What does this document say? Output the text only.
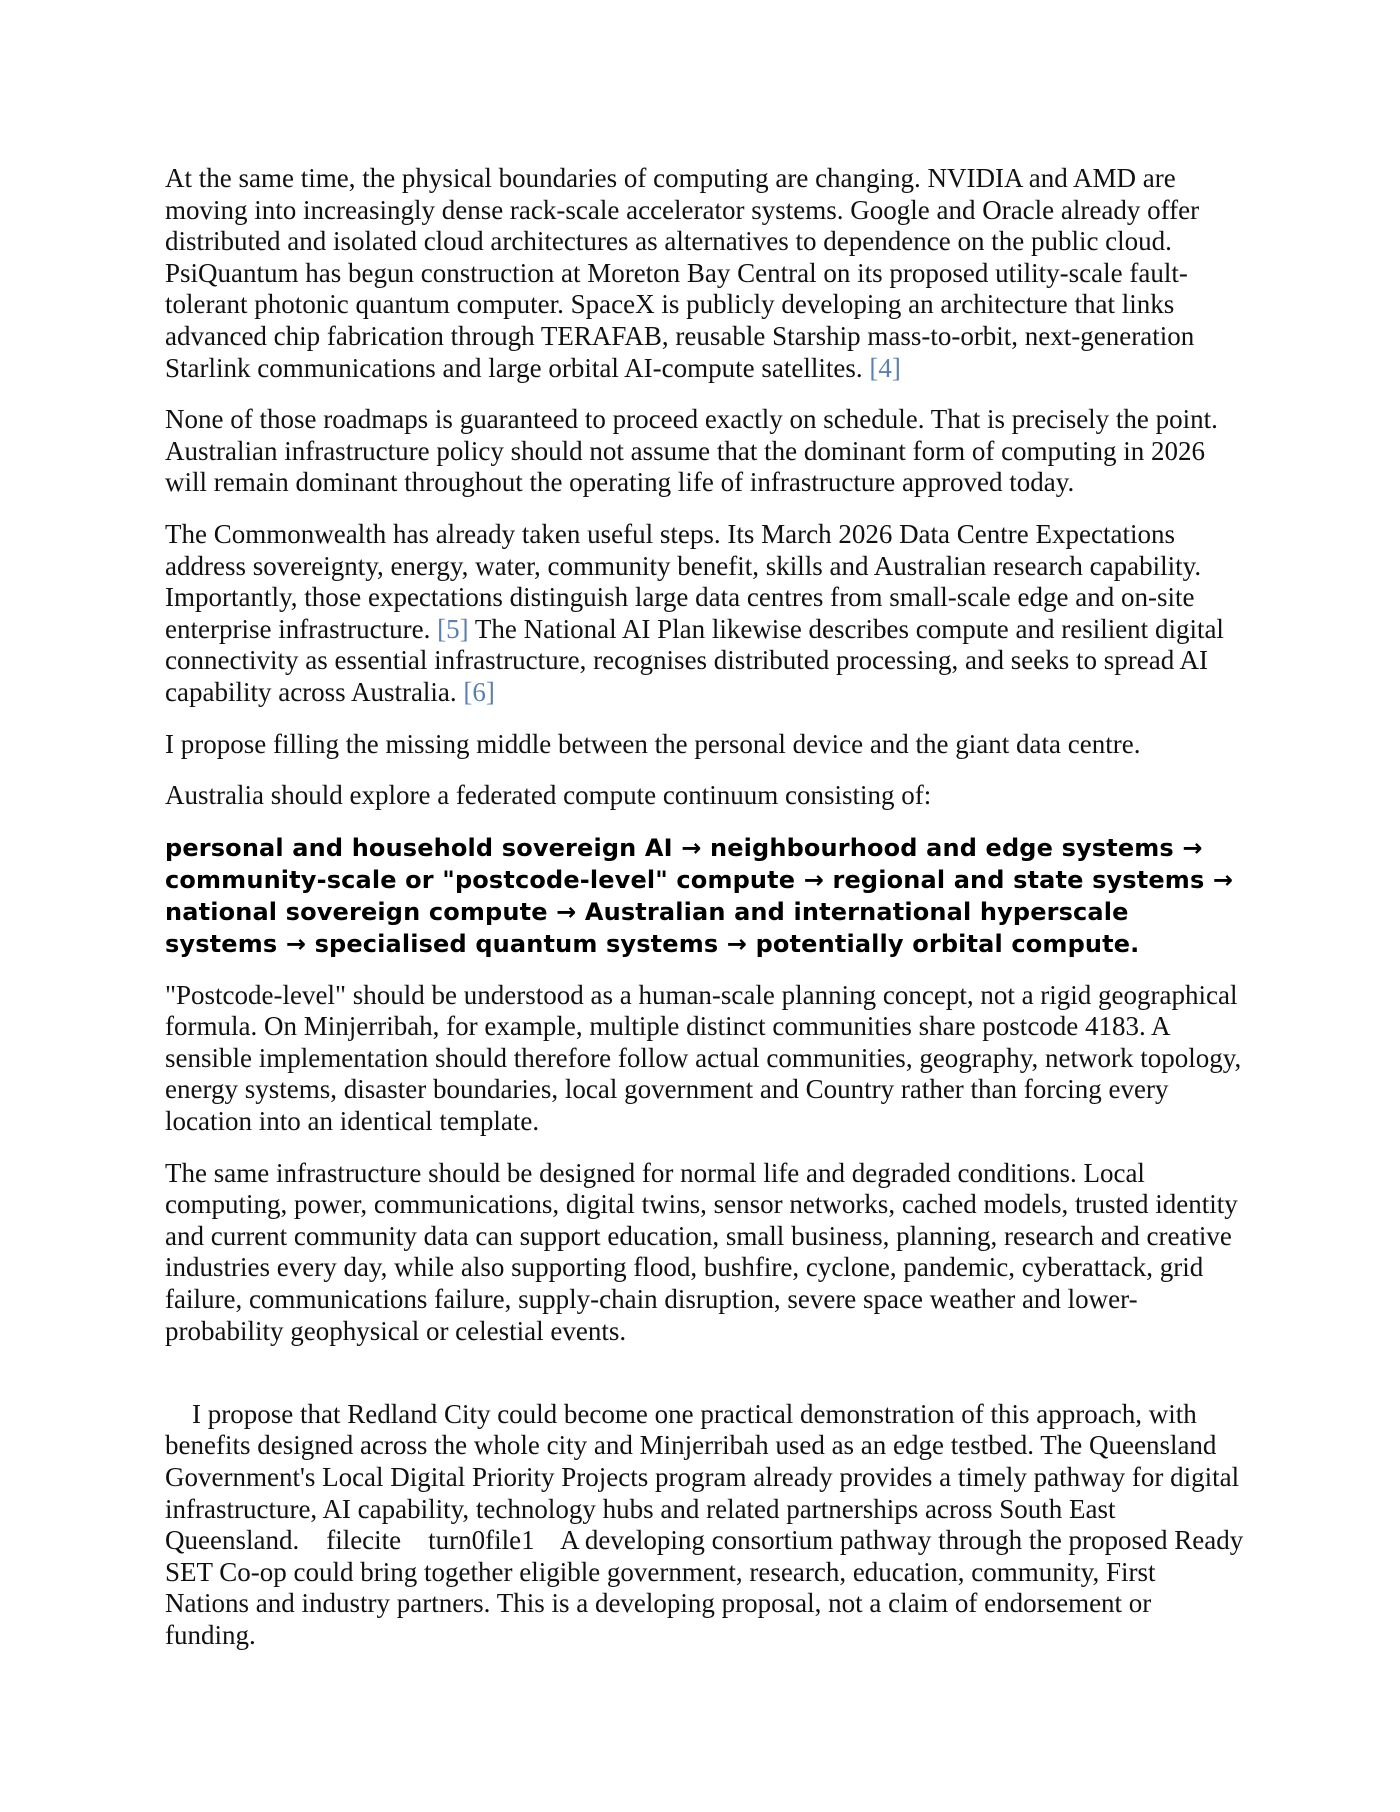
At the same time, the physical boundaries of computing are changing. NVIDIA and AMD are moving into increasingly dense rack-scale accelerator systems. Google and Oracle already offer distributed and isolated cloud architectures as alternatives to dependence on the public cloud. PsiQuantum has begun construction at Moreton Bay Central on its proposed utility-scale fault-tolerant photonic quantum computer. SpaceX is publicly developing an architecture that links advanced chip fabrication through TERAFAB, reusable Starship mass-to-orbit, next-generation Starlink communications and large orbital AI-compute satellites. [4]

None of those roadmaps is guaranteed to proceed exactly on schedule. That is precisely the point. Australian infrastructure policy should not assume that the dominant form of computing in 2026 will remain dominant throughout the operating life of infrastructure approved today.

The Commonwealth has already taken useful steps. Its March 2026 Data Centre Expectations address sovereignty, energy, water, community benefit, skills and Australian research capability. Importantly, those expectations distinguish large data centres from small-scale edge and on-site enterprise infrastructure. [5] The National AI Plan likewise describes compute and resilient digital connectivity as essential infrastructure, recognises distributed processing, and seeks to spread AI capability across Australia. [6]

I propose filling the missing middle between the personal device and the giant data centre.

Australia should explore a federated compute continuum consisting of:

personal and household sovereign AI → neighbourhood and edge systems → community-scale or "postcode-level" compute → regional and state systems → national sovereign compute → Australian and international hyperscale systems → specialised quantum systems → potentially orbital compute.

"Postcode-level" should be understood as a human-scale planning concept, not a rigid geographical formula. On Minjerribah, for example, multiple distinct communities share postcode 4183. A sensible implementation should therefore follow actual communities, geography, network topology, energy systems, disaster boundaries, local government and Country rather than forcing every location into an identical template.

The same infrastructure should be designed for normal life and degraded conditions. Local computing, power, communications, digital twins, sensor networks, cached models, trusted identity and current community data can support education, small business, planning, research and creative industries every day, while also supporting flood, bushfire, cyclone, pandemic, cyberattack, grid failure, communications failure, supply-chain disruption, severe space weather and lower-probability geophysical or celestial events.

I propose that Redland City could become one practical demonstration of this approach, with benefits designed across the whole city and Minjerribah used as an edge testbed. The Queensland Government's Local Digital Priority Projects program already provides a timely pathway for digital infrastructure, AI capability, technology hubs and related partnerships across South East Queensland.    filecite    turn0file1    A developing consortium pathway through the proposed Ready SET Co-op could bring together eligible government, research, education, community, First Nations and industry partners. This is a developing proposal, not a claim of endorsement or funding.
